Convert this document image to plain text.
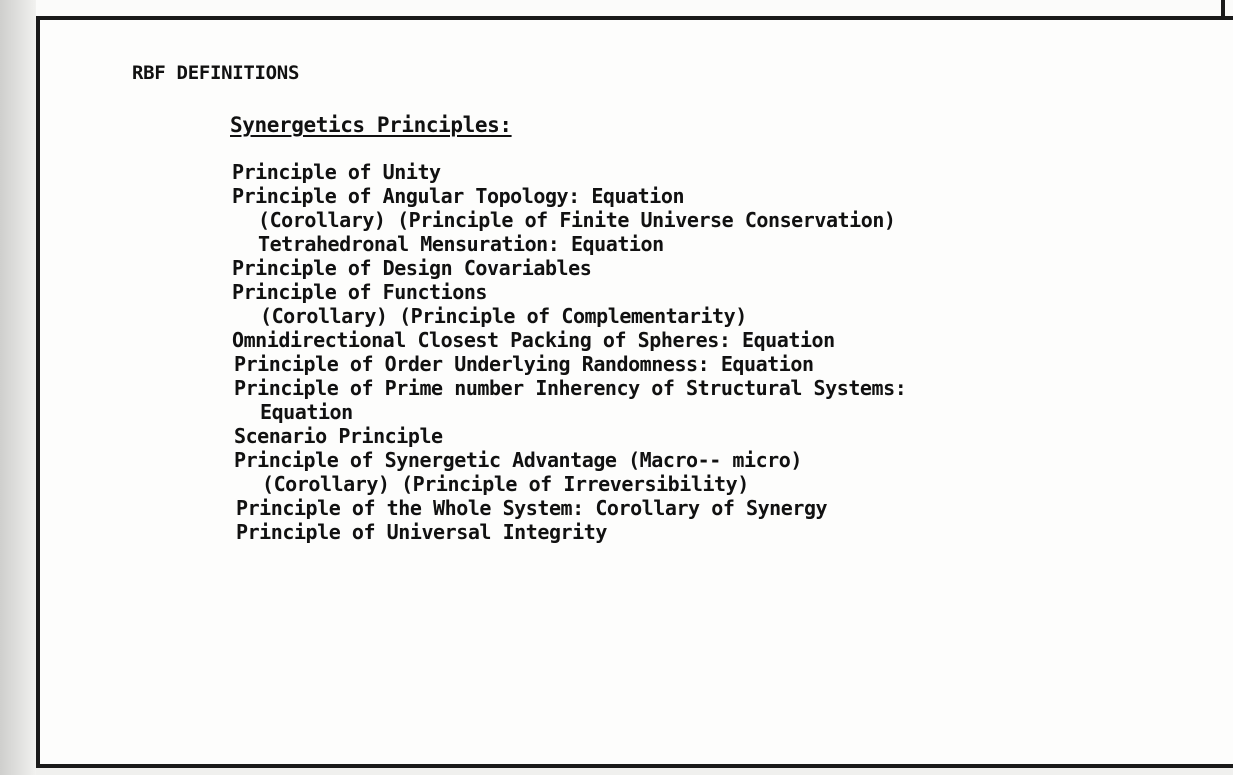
RBF DEFINITIONS
Synergetics Principles:
Principle of Unity
Principle of Angular Topology: Equation
(Corollary) (Principle of Finite Universe Conservation)
Tetrahedronal Mensuration: Equation
Principle of Design Covariables
Principle of Functions
(Corollary) (Principle of Complementarity)
Omnidirectional Closest Packing of Spheres: Equation
Principle of Order Underlying Randomness: Equation
Principle of Prime number Inherency of Structural Systems:
Equation
Scenario Principle
Principle of Synergetic Advantage (Macro-- micro)
(Corollary) (Principle of Irreversibility)
Principle of the Whole System: Corollary of Synergy
Principle of Universal Integrity
